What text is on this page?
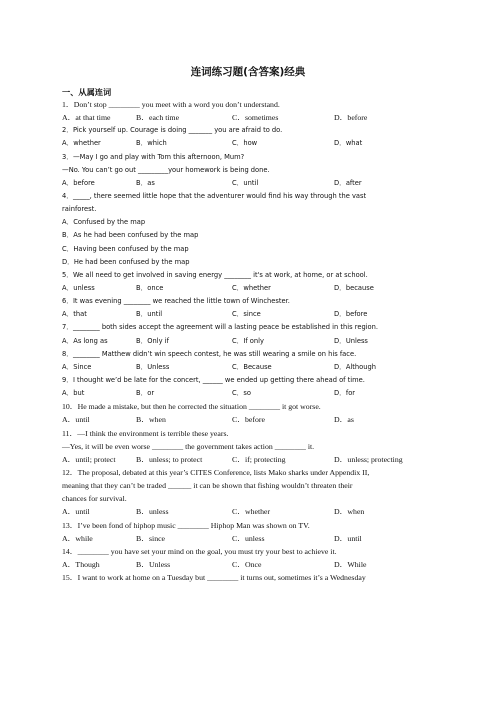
连词练习题(含答案)经典
一、从属连词
1．Don’t stop ________ you meet with a word you don’t understand.
A．at that time	B．each time	C．sometimes	D．before
2．Pick yourself up. Courage is doing _______ you are afraid to do.
A．whether	B．which	C．how	D．what
3．—May I go and play with Tom this afternoon, Mum?
—No. You can’t go out _________your homework is being done.
A．before	B．as	C．until	D．after
4．_____, there seemed little hope that the adventurer would find his way through the vast
rainforest.
A．Confused by the map
B．As he had been confused by the map
C．Having been confused by the map
D．He had been confused by the map
5．We all need to get involved in saving energy ________ it's at work, at home, or at school.
A．unless	B．once	C．whether	D．because
6．It was evening ________ we reached the little town of Winchester.
A．that	B．until	C．since	D．before
7．________ both sides accept the agreement will a lasting peace be established in this region.
A．As long as	B．Only if	C．If only	D．Unless
8．________ Matthew didn’t win speech contest, he was still wearing a smile on his face.
A．Since	B．Unless	C．Because	D．Although
9．I thought we’d be late for the concert, ______ we ended up getting there ahead of time.
A．but	B．or	C．so	D．for
10．He made a mistake, but then he corrected the situation ________ it got worse.
A．until	B．when	C．before	D．as
11．—I think the environment is terrible these years.
—Yes, it will be even worse ________ the government takes action ________ it.
A．until; protect	B．unless; to protect	C．if; protecting	D．unless; protecting
12．The proposal, debated at this year’s CITES Conference, lists Mako sharks under Appendix II,
meaning that they can’t be traded ______ it can be shown that fishing wouldn’t threaten their
chances for survival.
A．until	B．unless	C．whether	D．when
13．I’ve been fond of hiphop music ________ Hiphop Man was shown on TV.
A．while	B．since	C．unless	D．until
14．________ you have set your mind on the goal, you must try your best to achieve it.
A．Though	B．Unless	C．Once	D．While
15．I want to work at home on a Tuesday but ________ it turns out, sometimes it’s a Wednesday
